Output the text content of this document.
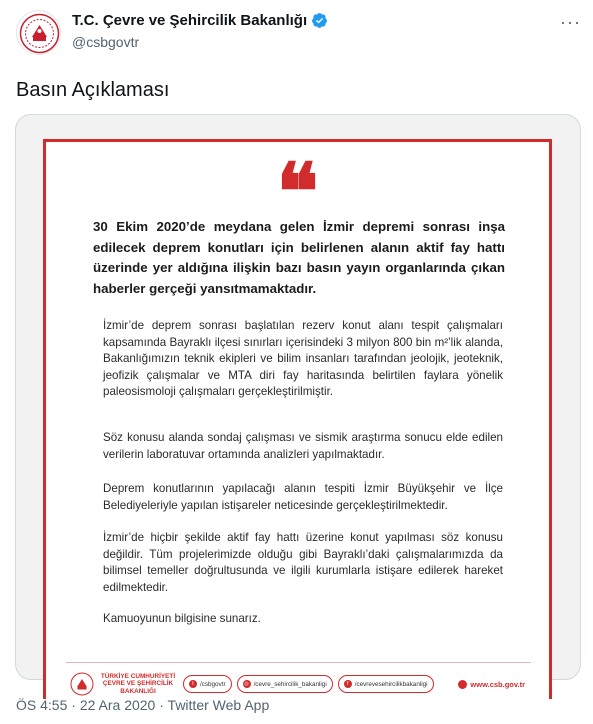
T.C. Çevre ve Şehircilik Bakanlığı
@csbgovtr
···
Basın Açıklaması
❝
30 Ekim 2020’de meydana gelen İzmir depremi sonrası inşa edilecek deprem konutları için belirlenen alanın aktif fay hattı üzerinde yer aldığına ilişkin bazı basın yayın organlarında çıkan haberler gerçeği yansıtmamaktadır.
İzmir’de deprem sonrası başlatılan rezerv konut alanı tespit çalışmaları kapsamında Bayraklı ilçesi sınırları içerisindeki 3 milyon 800 bin m²’lik alanda, Bakanlığımızın teknik ekipleri ve bilim insanları tarafından jeolojik, jeoteknik, jeofizik çalışmalar ve MTA diri fay haritasında belirtilen faylara yönelik paleosismoloji çalışmaları gerçekleştirilmiştir.
Söz konusu alanda sondaj çalışması ve sismik araştırma sonucu elde edilen verilerin laboratuvar ortamında analizleri yapılmaktadır.
Deprem konutlarının yapılacağı alanın tespiti İzmir Büyükşehir ve İlçe Belediyeleriyle yapılan istişareler neticesinde gerçekleştirilmektedir.
İzmir’de hiçbir şekilde aktif fay hattı üzerine konut yapılması söz konusu değildir. Tüm projelerimizde olduğu gibi Bayraklı’daki çalışmalarımızda da bilimsel temeller doğrultusunda ve ilgili kurumlarla istişare edilerek hareket edilmektedir.
Kamuoyunun bilgisine sunarız.
TÜRKİYE CUMHURİYETİ
ÇEVRE VE ŞEHİRCİLİK
BAKANLIĞI
t	/csbgovtr	◎ /cevre_sehircilik_bakanligi	f	/cevrevesehircilikbakanligi	www.csb.gov.tr
ÖS 4:55 · 22 Ara 2020 · Twitter Web App
